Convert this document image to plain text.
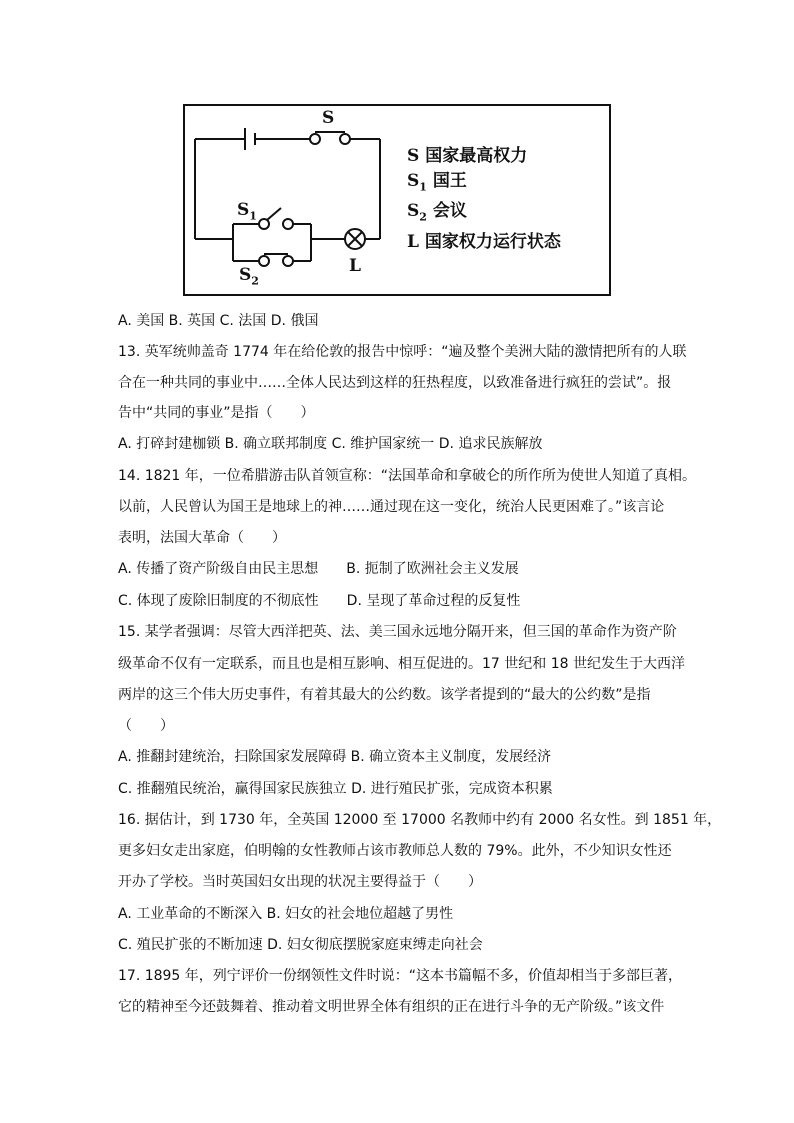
S
$S_1$
$S_2$
L
S 国家最高权力
$S_1$ 国王
$S_2$ 会议
L 国家权力运行状态
A. 美国 B. 英国 C. 法国 D. 俄国
13. 英军统帅盖奇 1774 年在给伦敦的报告中惊呼：“遍及整个美洲大陆的激情把所有的人联
合在一种共同的事业中……全体人民达到这样的狂热程度，以致准备进行疯狂的尝试”。报
告中“共同的事业”是指（　　）
A. 打碎封建枷锁 B. 确立联邦制度 C. 维护国家统一 D. 追求民族解放
14. 1821 年，一位希腊游击队首领宣称：“法国革命和拿破仑的所作所为使世人知道了真相。
以前，人民曾认为国王是地球上的神……通过现在这一变化，统治人民更困难了。”该言论
表明，法国大革命（　　）
A. 传播了资产阶级自由民主思想　　B. 扼制了欧洲社会主义发展
C. 体现了废除旧制度的不彻底性　　D. 呈现了革命过程的反复性
15. 某学者强调：尽管大西洋把英、法、美三国永远地分隔开来，但三国的革命作为资产阶
级革命不仅有一定联系，而且也是相互影响、相互促进的。17 世纪和 18 世纪发生于大西洋
两岸的这三个伟大历史事件，有着其最大的公约数。该学者提到的“最大的公约数”是指
（　　）
A. 推翻封建统治，扫除国家发展障碍 B. 确立资本主义制度，发展经济
C. 推翻殖民统治，赢得国家民族独立 D. 进行殖民扩张，完成资本积累
16. 据估计，到 1730 年，全英国 12000 至 17000 名教师中约有 2000 名女性。到 1851 年，
更多妇女走出家庭，伯明翰的女性教师占该市教师总人数的 79%。此外，不少知识女性还
开办了学校。当时英国妇女出现的状况主要得益于（　　）
A. 工业革命的不断深入 B. 妇女的社会地位超越了男性
C. 殖民扩张的不断加速 D. 妇女彻底摆脱家庭束缚走向社会
17. 1895 年，列宁评价一份纲领性文件时说：“这本书篇幅不多，价值却相当于多部巨著，
它的精神至今还鼓舞着、推动着文明世界全体有组织的正在进行斗争的无产阶级。”该文件
